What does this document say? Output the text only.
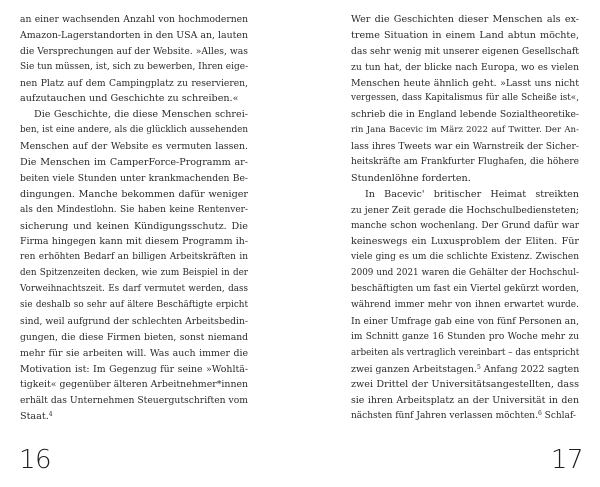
an einer wachsenden Anzahl von hochmodernen
Amazon-Lagerstandorten in den USA an, lauten
die Versprechungen auf der Website. »Alles, was
Sie tun müssen, ist, sich zu bewerben, Ihren eige-
nen Platz auf dem Campingplatz zu reservieren,
aufzutauchen und Geschichte zu schreiben.«
Die Geschichte, die diese Menschen schrei-
ben, ist eine andere, als die glücklich aussehenden
Menschen auf der Website es vermuten lassen.
Die Menschen im CamperForce-Programm ar-
beiten viele Stunden unter krankmachenden Be-
dingungen. Manche bekommen dafür weniger
als den Mindestlohn. Sie haben keine Rentenver-
sicherung und keinen Kündigungsschutz. Die
Firma hingegen kann mit diesem Programm ih-
ren erhöhten Bedarf an billigen Arbeitskräften in
den Spitzenzeiten decken, wie zum Beispiel in der
Vorweihnachtszeit. Es darf vermutet werden, dass
sie deshalb so sehr auf ältere Beschäftigte erpicht
sind, weil aufgrund der schlechten Arbeitsbedin-
gungen, die diese Firmen bieten, sonst niemand
mehr für sie arbeiten will. Was auch immer die
Motivation ist: Im Gegenzug für seine »Wohltä-
tigkeit« gegenüber älteren Arbeitnehmer*innen
erhält das Unternehmen Steuergutschriften vom
Staat.$^4$
16
Wer die Geschichten dieser Menschen als ex-
treme Situation in einem Land abtun möchte,
das sehr wenig mit unserer eigenen Gesellschaft
zu tun hat, der blicke nach Europa, wo es vielen
Menschen heute ähnlich geht. »Lasst uns nicht
vergessen, dass Kapitalismus für alle Scheiße ist«,
schrieb die in England lebende Sozialtheoretike-
rin Jana Bacevic im März 2022 auf Twitter. Der An-
lass ihres Tweets war ein Warnstreik der Sicher-
heitskräfte am Frankfurter Flughafen, die höhere
Stundenlöhne forderten.
In Bacevic' britischer Heimat streikten
zu jener Zeit gerade die Hochschulbediensteten;
manche schon wochenlang. Der Grund dafür war
keineswegs ein Luxusproblem der Eliten. Für
viele ging es um die schlichte Existenz. Zwischen
2009 und 2021 waren die Gehälter der Hochschul-
beschäftigten um fast ein Viertel gekürzt worden,
während immer mehr von ihnen erwartet wurde.
In einer Umfrage gab eine von fünf Personen an,
im Schnitt ganze 16 Stunden pro Woche mehr zu
arbeiten als vertraglich vereinbart – das entspricht
zwei ganzen Arbeitstagen.$^5$ Anfang 2022 sagten
zwei Drittel der Universitätsangestellten, dass
sie ihren Arbeitsplatz an der Universität in den
nächsten fünf Jahren verlassen möchten.$^6$ Schlaf-
17
